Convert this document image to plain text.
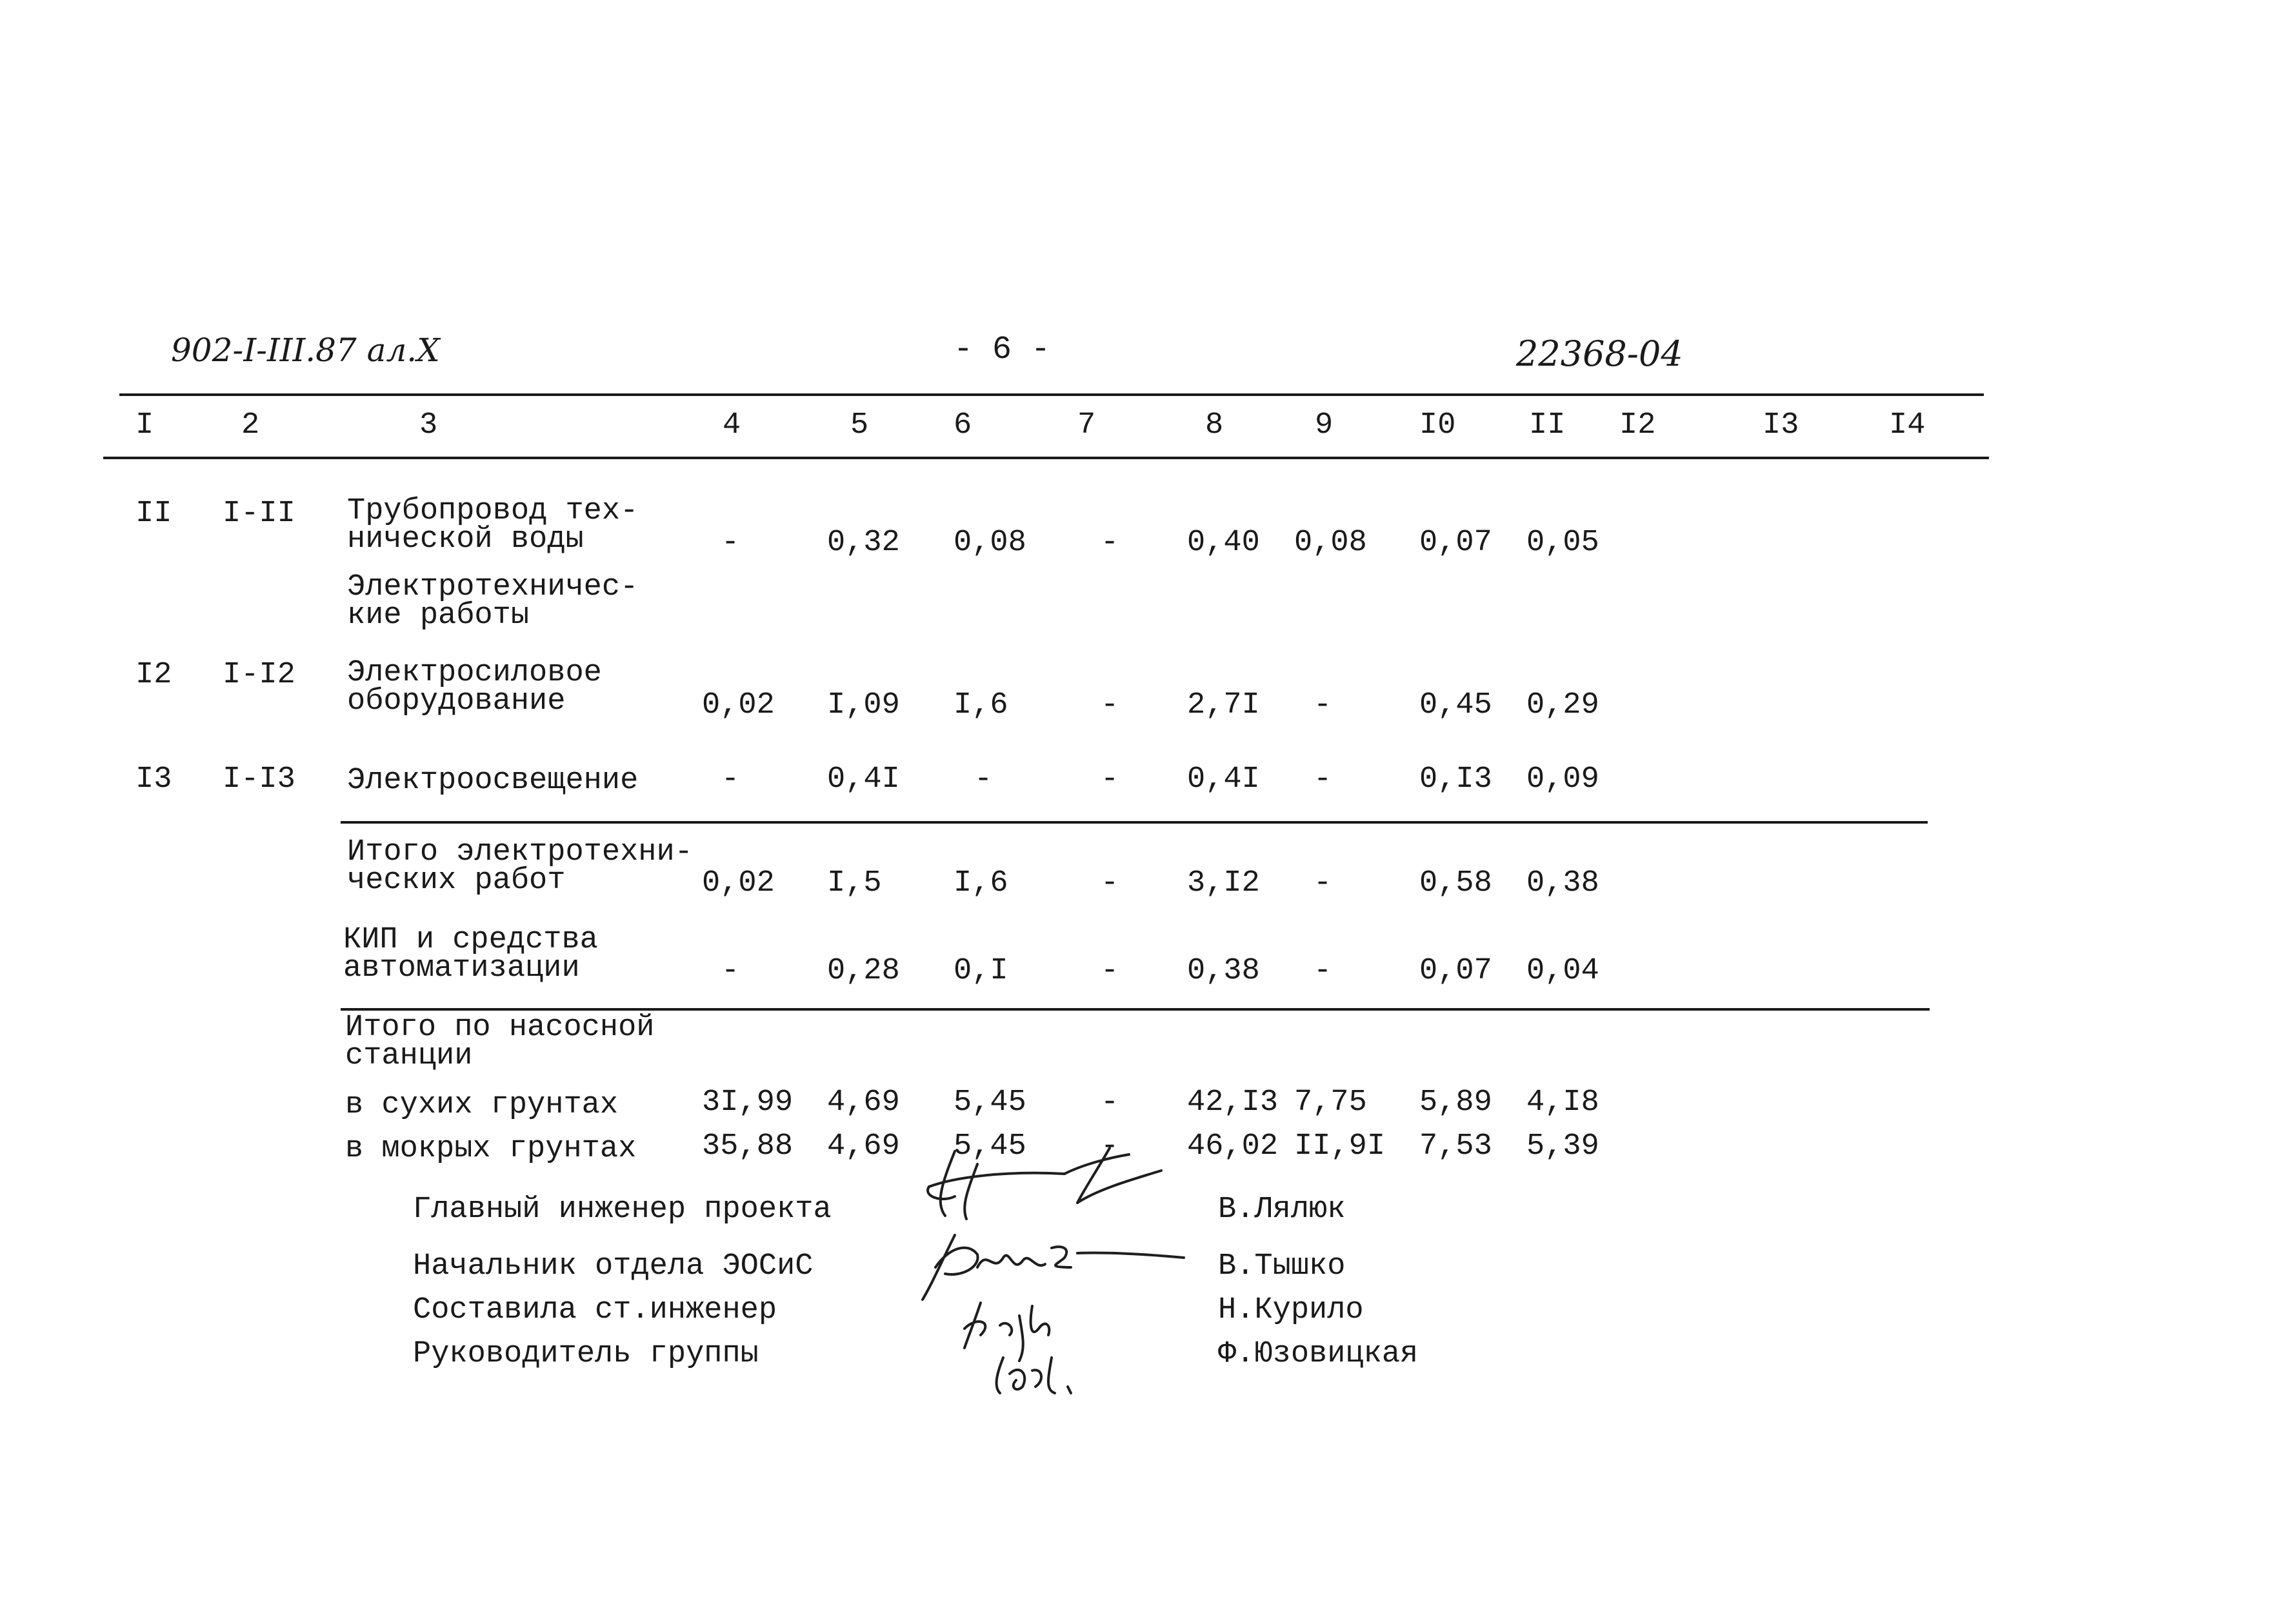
902-I-III.87 ал.X	- 6 -	22368-04
I	2	3	4	5	6	7	8	9	I0 II I2	I3	I4
II I-II Трубопровод тех-
нической воды	-	0,32 0,08 - 0,40 0,08 0,07 0,05
Электротехничес-
кие работы
I2 I-I2 Электросиловое
оборудование	0,02 I,09 I,6	- 2,7I -	0,45 0,29
I3 I-I3 Электроосвещение	-	0,4I -	- 0,4I -	0,I3 0,09
Итого электротехни-
ческих работ	0,02 I,5 I,6	- 3,I2 -	0,58 0,38
КИП и средства
автоматизации	-	0,28 0,I	- 0,38 -	0,07 0,04
Итого по насосной
станции
в сухих грунтах	3I,99 4,69 5,45 - 42,I3 7,75 5,89 4,I8
в мокрых грунтах 35,88 4,69 5,45 - 46,02 II,9I 7,53 5,39
Главный инженер проекта	В.Лялюк
Начальник отдела ЭОСиС	В.Тышко
Составила ст.инженер	Н.Курило
Руководитель группы	Ф.Юзовицкая
